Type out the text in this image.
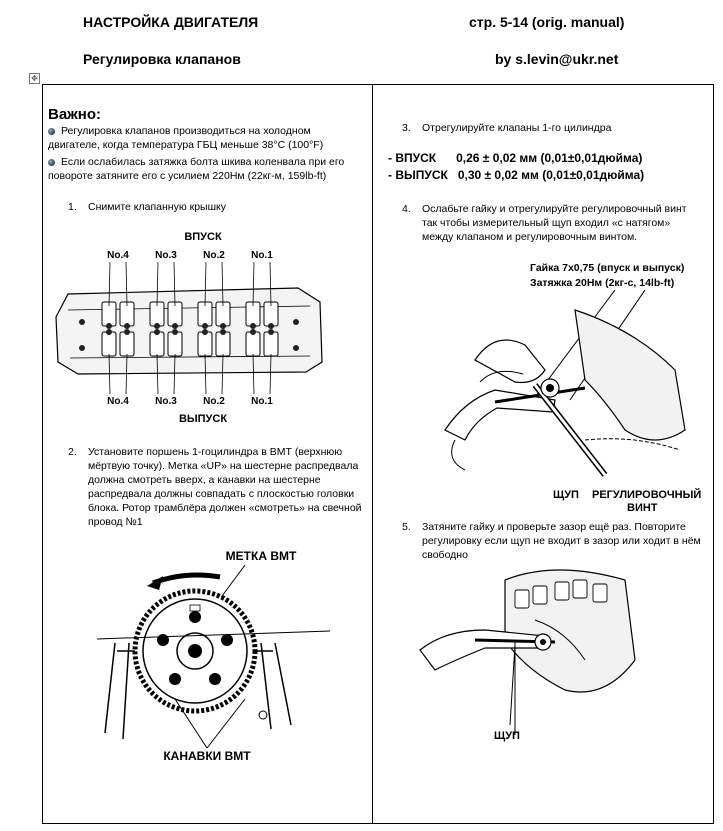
НАСТРОЙКА ДВИГАТЕЛЯ	стр. 5-14 (orig. manual)
Регулировка клапанов	by s.levin@ukr.net
✥
Важно:
Регулировка клапанов производиться на холодном двигателе, когда температура ГБЦ меньше 38°C (100°F)
Если ослабилась затяжка болта шкива коленвала при его повороте затяните его с усилием 220Нм (22кг-м, 159lb-ft)
1. Снимите клапанную крышку
ВПУСК
ВЫПУСК
No.4	No.3	No.2	No.1
No.4	No.3	No.2	No.1
2. Установите поршень 1-гоцилиндра в ВМТ (верхнюю мёртвую точку). Метка «UP» на шестерне распредвала должна смотреть вверх, а канавки на шестерне распредвала должны совпадать с плоскостью головки блока. Ротор трамблёра должен «смотреть» на свечной провод №1
МЕТКА ВМТ
КАНАВКИ ВМТ
3. Отрегулируйте клапаны 1-го цилиндра
- ВПУСК      0,26 ± 0,02 мм (0,01±0,01дюйма)
- ВЫПУСК   0,30 ± 0,02 мм (0,01±0,01дюйма)
4. Ослабьте гайку и отрегулируйте регулировочный винт так чтобы измерительный щуп входил «с натягом» между клапаном и регулировочным винтом.
Гайка 7х0,75 (впуск и выпуск)
Затяжка 20Нм (2кг-с, 14lb-ft)
ЩУП РЕГУЛИРОВОЧНЫЙ
ВИНТ
5. Затяните гайку и проверьте зазор ещё раз. Повторите регулировку если щуп не входит в зазор или ходит в нём свободно
ЩУП
